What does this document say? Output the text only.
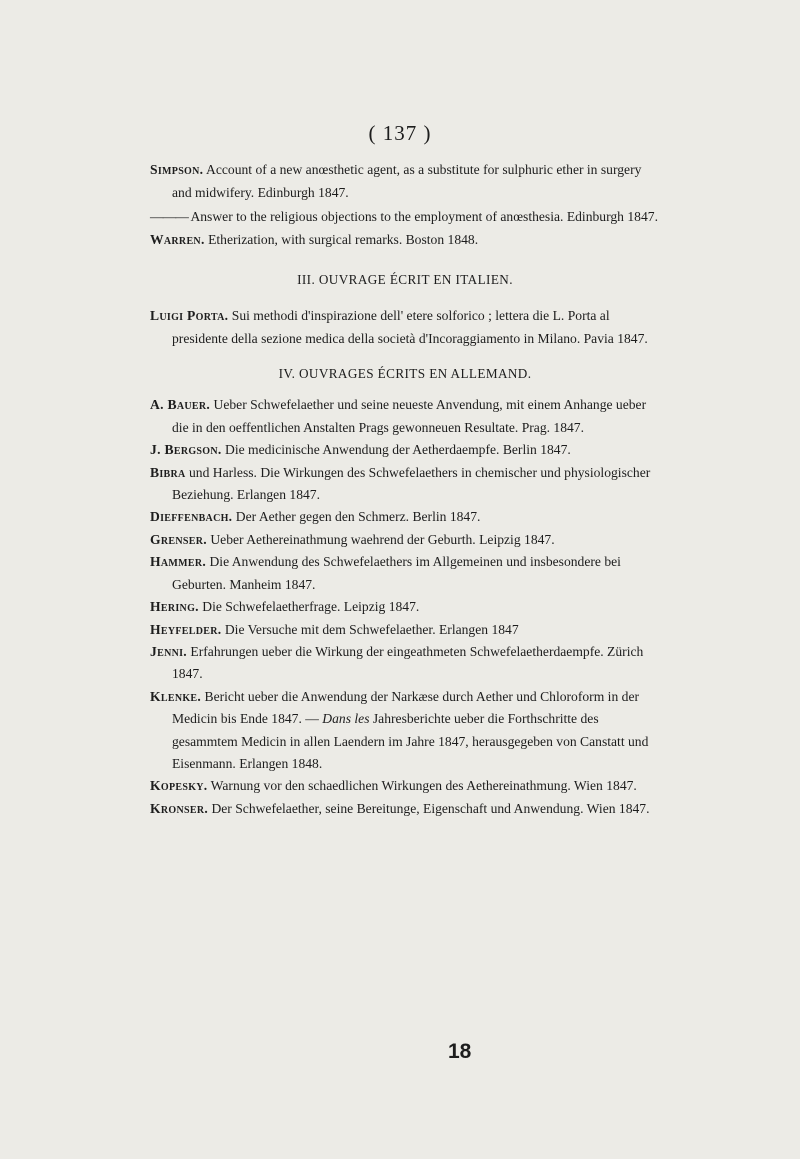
( 137 )
Simpson. Account of a new anœsthetic agent, as a substitute for sulphuric ether in surgery and midwifery. Edinburgh 1847.
——— Answer to the religious objections to the employment of anœsthesia. Edinburgh 1847.
Warren. Etherization, with surgical remarks. Boston 1848.
III. OUVRAGE ÉCRIT EN ITALIEN.
Luigi Porta. Sui methodi d'inspirazione dell' etere solforico ; lettera die L. Porta al presidente della sezione medica della società d'Incoraggiamento in Milano. Pavia 1847.
IV. OUVRAGES ÉCRITS EN ALLEMAND.
A. Bauer. Ueber Schwefelaether und seine neueste Anvendung, mit einem Anhange ueber die in den oeffentlichen Anstalten Prags gewonneuen Resultate. Prag. 1847.
J. Bergson. Die medicinische Anwendung der Aetherdaempfe. Berlin 1847.
Bibra und Harless. Die Wirkungen des Schwefelaethers in chemischer und physiologischer Beziehung. Erlangen 1847.
Dieffenbach. Der Aether gegen den Schmerz. Berlin 1847.
Grenser. Ueber Aethereinathmung waehrend der Geburth. Leipzig 1847.
Hammer. Die Anwendung des Schwefelaethers im Allgemeinen und insbesondere bei Geburten. Manheim 1847.
Hering. Die Schwefelaetherfrage. Leipzig 1847.
Heyfelder. Die Versuche mit dem Schwefelaether. Erlangen 1847
Jenni. Erfahrungen ueber die Wirkung der eingeathmeten Schwefelaetherdaempfe. Zürich 1847.
Klenke. Bericht ueber die Anwendung der Narkæse durch Aether und Chloroform in der Medicin bis Ende 1847. — Dans les Jahresberichte ueber die Forthschritte des gesammtem Medicin in allen Laendern im Jahre 1847, herausgegeben von Canstatt und Eisenmann. Erlangen 1848.
Kopesky. Warnung vor den schaedlichen Wirkungen des Aethereinathmung. Wien 1847.
Kronser. Der Schwefelaether, seine Bereitunge, Eigenschaft und Anwendung. Wien 1847.
18
